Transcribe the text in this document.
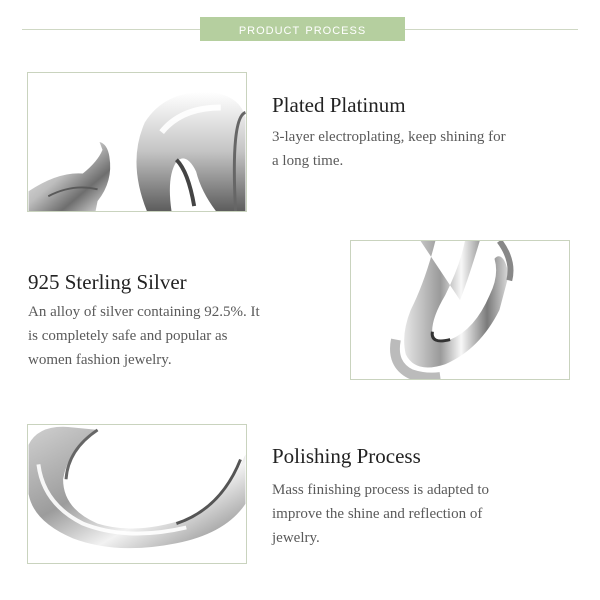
product process
Plated Platinum
3-layer electroplating, keep shining for
a long time.
925 Sterling Silver
An alloy of silver containing 92.5%. It
is completely safe and popular as
women fashion jewelry.
Polishing Process
Mass finishing process is adapted to
improve the shine and reflection of
jewelry.
